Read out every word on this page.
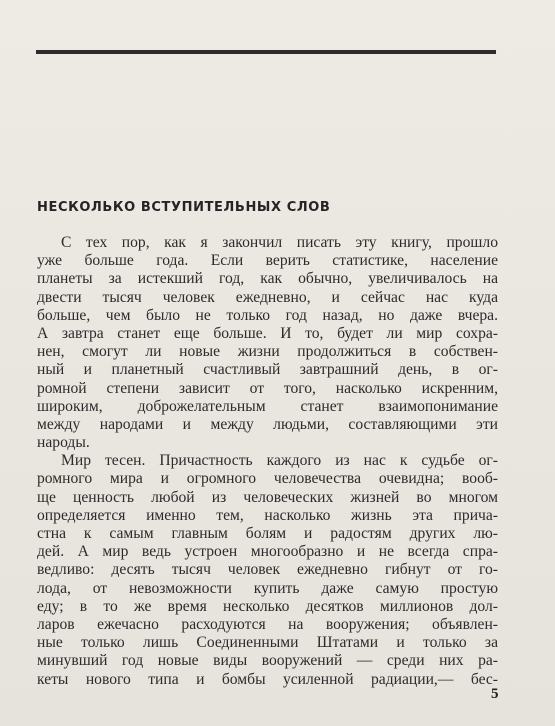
НЕСКОЛЬКО ВСТУПИТЕЛЬНЫХ СЛОВ
С тех пор, как я закончил писать эту книгу, прошло
уже больше года. Если верить статистике, население
планеты за истекший год, как обычно, увеличивалось на
двести тысяч человек ежедневно, и сейчас нас куда
больше, чем было не только год назад, но даже вчера.
А завтра станет еще больше. И то, будет ли мир сохра-
нен, смогут ли новые жизни продолжиться в собствен-
ный и планетный счастливый завтрашний день, в ог-
ромной степени зависит от того, насколько искренним,
широким, доброжелательным станет взаимопонимание
между народами и между людьми, составляющими эти
народы.
Мир тесен. Причастность каждого из нас к судьбе ог-
ромного мира и огромного человечества очевидна; вооб-
ще ценность любой из человеческих жизней во многом
определяется именно тем, насколько жизнь эта прича-
стна к самым главным болям и радостям других лю-
дей. А мир ведь устроен многообразно и не всегда спра-
ведливо: десять тысяч человек ежедневно гибнут от го-
лода, от невозможности купить даже самую простую
еду; в то же время несколько десятков миллионов дол-
ларов ежечасно расходуются на вооружения; объявлен-
ные только лишь Соединенными Штатами и только за
минувший год новые виды вооружений — среди них ра-
кеты нового типа и бомбы усиленной радиации,— бес-
5
